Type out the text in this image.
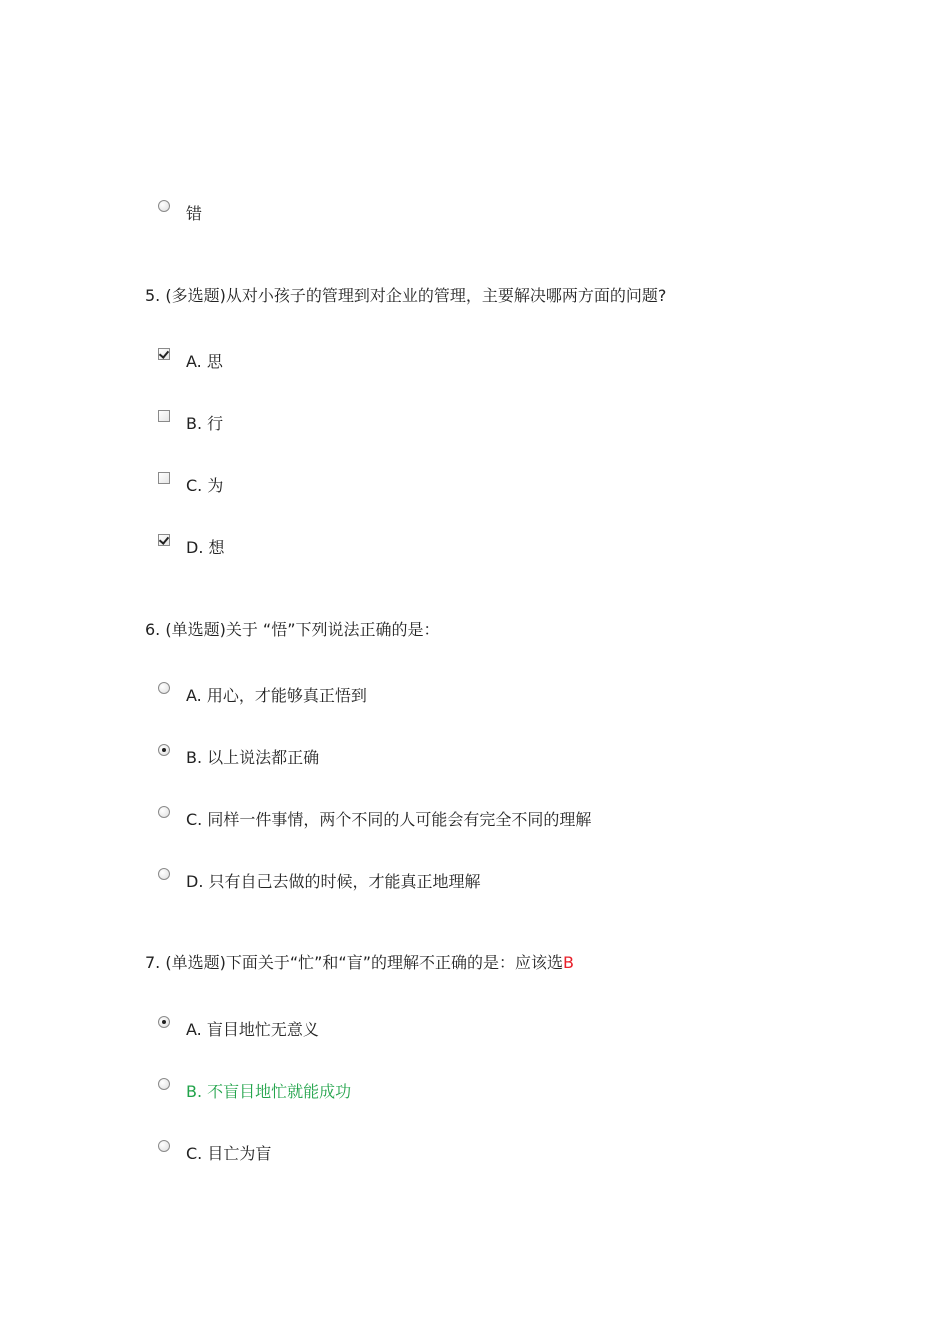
错
5. (多选题)从对小孩子的管理到对企业的管理，主要解决哪两方面的问题?
A. 思
B. 行
C. 为
D. 想
6. (单选题)关于 “悟”下列说法正确的是：
A. 用心，才能够真正悟到
B. 以上说法都正确
C. 同样一件事情，两个不同的人可能会有完全不同的理解
D. 只有自己去做的时候，才能真正地理解
7. (单选题)下面关于“忙”和“盲”的理解不正确的是：应该选B
A. 盲目地忙无意义
B. 不盲目地忙就能成功
C. 目亡为盲
